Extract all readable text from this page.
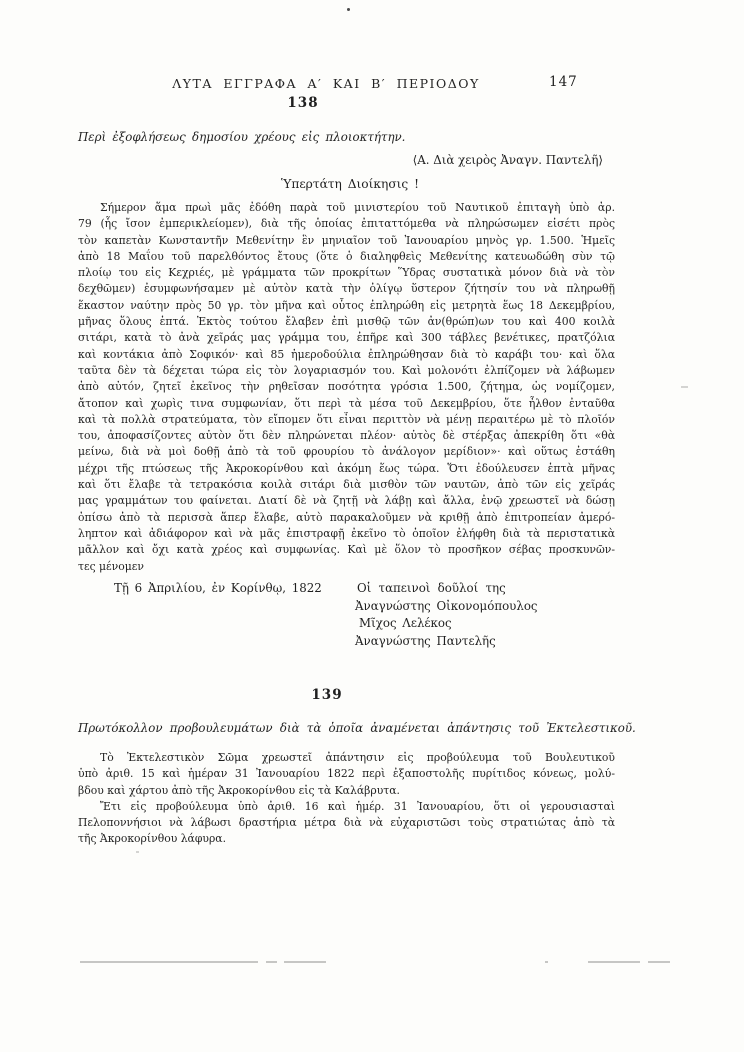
ΛΥΤΑ ΕΓΓΡΑΦΑ Α′ ΚΑΙ Β′ ΠΕΡΙΟΔΟΥ	147
138
Περὶ ἐξοφλήσεως δημοσίου χρέους εἰς πλοιοκτήτην.
⟨Α. Διὰ χειρὸς Ἀναγν. Παντελῆ⟩
Ὑπερτάτη Διοίκησις !
Σήμερον ἅμα πρωὶ μᾶς ἐδόθη παρὰ τοῦ μινιστερίου τοῦ Ναυτικοῦ ἐπιταγὴ ὑπὸ ἀρ.
79 (ἧς ἴσον ἐμπερικλείομεν), διὰ τῆς ὁποίας ἐπιταττόμεθα νὰ πληρώσωμεν εἰσέτι πρὸς
τὸν καπετὰν Κωνσταντῆν Μεθενίτην ἓν μηνιαῖον τοῦ Ἰανουαρίου μηνὸς γρ. 1.500. Ἡμεῖς
ἀπὸ 18 Μαΐου τοῦ παρελθόντος ἔτους (ὅτε ὁ διαληφθεὶς Μεθενίτης κατευωδώθη σὺν τῷ
πλοίῳ του εἰς Κεχριές, μὲ γράμματα τῶν προκρίτων Ὕδρας συστατικὰ μόνον διὰ νὰ τὸν
δεχθῶμεν) ἐσυμφωνήσαμεν μὲ αὐτὸν κατὰ τὴν ὀλίγῳ ὕστερον ζήτησίν του νὰ πληρωθῇ
ἕκαστον ναύτην πρὸς 50 γρ. τὸν μῆνα καὶ οὗτος ἐπληρώθη εἰς μετρητὰ ἕως 18 Δεκεμβρίου,
μῆνας ὅλους ἑπτά. Ἐκτὸς τούτου ἔλαβεν ἐπὶ μισθῷ τῶν ἀν(θρώπ)ων του καὶ 400 κοιλὰ
σιτάρι, κατὰ τὸ ἀνὰ χεῖράς μας γράμμα του, ἐπῆρε καὶ 300 τάβλες βενέτικες, πρατζόλια
καὶ κοντάκια ἀπὸ Σοφικόν· καὶ 85 ἡμεροδούλια ἐπληρώθησαν διὰ τὸ καράβι του· καὶ ὅλα
ταῦτα δὲν τὰ δέχεται τώρα εἰς τὸν λογαριασμόν του. Καὶ μολονότι ἐλπίζομεν νὰ λάβωμεν
ἀπὸ αὐτόν, ζητεῖ ἐκεῖνος τὴν ρηθεῖσαν ποσότητα γρόσια 1.500, ζήτημα, ὡς νομίζομεν,
ἄτοπον καὶ χωρὶς τινα συμφωνίαν, ὅτι περὶ τὰ μέσα τοῦ Δεκεμβρίου, ὅτε ἦλθον ἐνταῦθα
καὶ τὰ πολλὰ στρατεύματα, τὸν εἴπομεν ὅτι εἶναι περιττὸν νὰ μένῃ περαιτέρω μὲ τὸ πλοῖόν
του, ἀποφασίζοντες αὐτὸν ὅτι δὲν πληρώνεται πλέον· αὐτὸς δὲ στέρξας ἀπεκρίθη ὅτι «θὰ
μείνω, διὰ νὰ μοὶ δοθῇ ἀπὸ τὰ τοῦ φρουρίου τὸ ἀνάλογον μερίδιον»· καὶ οὕτως ἐστάθη
μέχρι τῆς πτώσεως τῆς Ἀκροκορίνθου καὶ ἀκόμη ἕως τώρα. Ὅτι ἐδούλευσεν ἑπτὰ μῆνας
καὶ ὅτι ἔλαβε τὰ τετρακόσια κοιλὰ σιτάρι διὰ μισθὸν τῶν ναυτῶν, ἀπὸ τῶν εἰς χεῖράς
μας γραμμάτων του φαίνεται. Διατί δὲ νὰ ζητῇ νὰ λάβῃ καὶ ἄλλα, ἐνῷ χρεωστεῖ νὰ δώσῃ
ὀπίσω ἀπὸ τὰ περισσὰ ἅπερ ἔλαβε, αὐτὸ παρακαλοῦμεν νὰ κριθῇ ἀπὸ ἐπιτροπείαν ἀμερό-
ληπτον καὶ ἀδιάφορον καὶ νὰ μᾶς ἐπιστραφῇ ἐκεῖνο τὸ ὁποῖον ἐλήφθη διὰ τὰ περιστατικὰ
μᾶλλον καὶ ὄχι κατὰ χρέος καὶ συμφωνίας. Καὶ μὲ ὅλον τὸ προσῆκον σέβας προσκυνῶν-
τες μένομεν
Τῇ 6 Ἀπριλίου, ἐν Κορίνθῳ, 1822	Οἱ ταπεινοὶ δοῦλοί της
Ἀναγνώστης Οἰκονομόπουλος
Μῖχος Λελέκος
Ἀναγνώστης Παντελῆς
139
Πρωτόκολλον προβουλευμάτων διὰ τὰ ὁποῖα ἀναμένεται ἀπάντησις τοῦ Ἐκτελεστικοῦ.
Τὸ Ἐκτελεστικὸν Σῶμα χρεωστεῖ ἀπάντησιν εἰς προβούλευμα τοῦ Βουλευτικοῦ
ὑπὸ ἀριθ. 15 καὶ ἡμέραν 31 Ἰανουαρίου 1822 περὶ ἐξαποστολῆς πυρίτιδος κόνεως, μολύ-
βδου καὶ χάρτου ἀπὸ τῆς Ἀκροκορίνθου εἰς τὰ Καλάβρυτα.
Ἔτι εἰς προβούλευμα ὑπὸ ἀριθ. 16 καὶ ἡμέρ. 31 Ἰανουαρίου, ὅτι οἱ γερουσιασταὶ
Πελοποννήσιοι νὰ λάβωσι δραστήρια μέτρα διὰ νὰ εὐχαριστῶσι τοὺς στρατιώτας ἀπὸ τὰ
τῆς Ἀκροκορίνθου λάφυρα.
